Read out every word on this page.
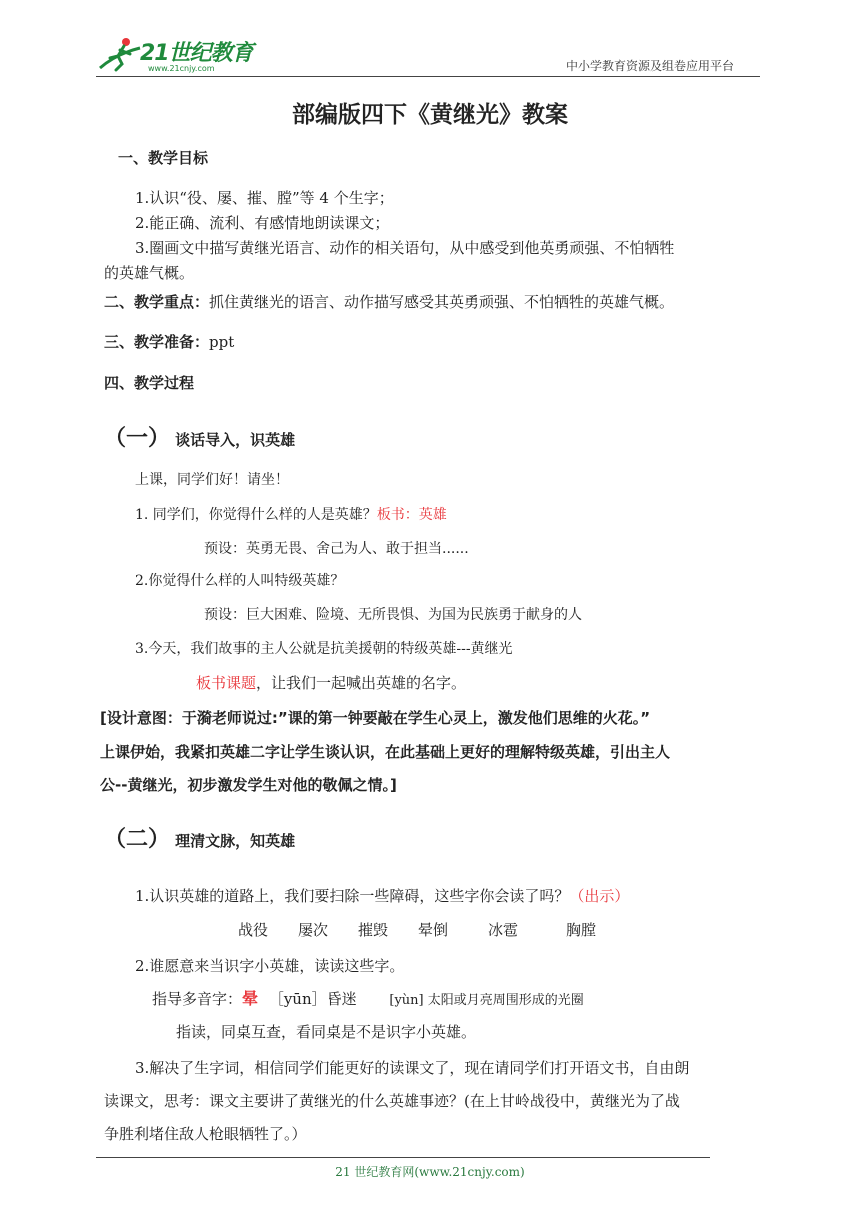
21世纪教育
www.21cnjy.com	中小学教育资源及组卷应用平台
部编版四下《黄继光》教案
一、教学目标
1.认识“役、屡、摧、膛”等 4 个生字；
2.能正确、流利、有感情地朗读课文；
3.圈画文中描写黄继光语言、动作的相关语句，从中感受到他英勇顽强、不怕牺牲
的英雄气概。
二、教学重点：抓住黄继光的语言、动作描写感受其英勇顽强、不怕牺牲的英雄气概。
三、教学准备：ppt
四、教学过程
（一） 谈话导入，识英雄
上课，同学们好！请坐！
1. 同学们，你觉得什么样的人是英雄？板书：英雄
预设：英勇无畏、舍己为人、敢于担当......
2.你觉得什么样的人叫特级英雄？
预设：巨大困难、险境、无所畏惧、为国为民族勇于献身的人
3.今天，我们故事的主人公就是抗美援朝的特级英雄---黄继光
板书课题，让我们一起喊出英雄的名字。
[设计意图：于漪老师说过:”课的第一钟要敲在学生心灵上，激发他们思维的火花。”
上课伊始，我紧扣英雄二字让学生谈认识，在此基础上更好的理解特级英雄，引出主人
公--黄继光，初步激发学生对他的敬佩之情。]
（二） 理清文脉，知英雄
1.认识英雄的道路上，我们要扫除一些障碍，这些字你会读了吗？（出示）
战役 屡次 摧毁 晕倒	冰雹	胸膛
2.谁愿意来当识字小英雄，读读这些字。
指导多音字：晕 ［yūn］昏迷	[yùn] 太阳或月亮周围形成的光圈
指读，同桌互查，看同桌是不是识字小英雄。
3.解决了生字词，相信同学们能更好的读课文了，现在请同学们打开语文书，自由朗
读课文，思考：课文主要讲了黄继光的什么英雄事迹？(在上甘岭战役中，黄继光为了战
争胜利堵住敌人枪眼牺牲了。）
21 世纪教育网(www.21cnjy.com)
